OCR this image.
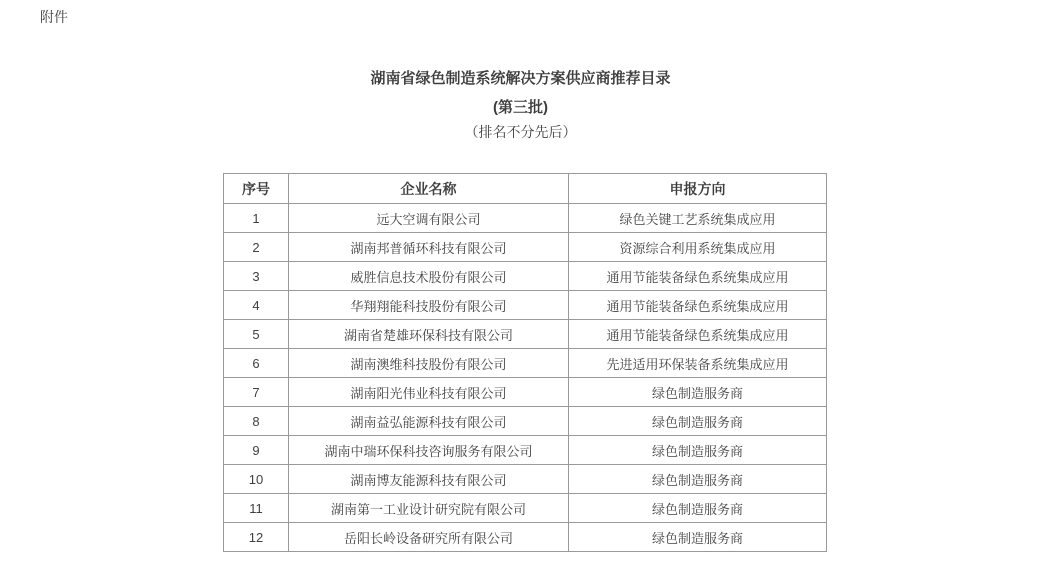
附件
湖南省绿色制造系统解决方案供应商推荐目录
(第三批)
（排名不分先后）
序号	企业名称	申报方向
1	远大空调有限公司	绿色关键工艺系统集成应用
2	湖南邦普循环科技有限公司	资源综合利用系统集成应用
3	威胜信息技术股份有限公司	通用节能装备绿色系统集成应用
4	华翔翔能科技股份有限公司	通用节能装备绿色系统集成应用
5	湖南省楚雄环保科技有限公司	通用节能装备绿色系统集成应用
6	湖南澳维科技股份有限公司	先进适用环保装备系统集成应用
7	湖南阳光伟业科技有限公司	绿色制造服务商
8	湖南益弘能源科技有限公司	绿色制造服务商
9	湖南中瑞环保科技咨询服务有限公司	绿色制造服务商
10	湖南博友能源科技有限公司	绿色制造服务商
11	湖南第一工业设计研究院有限公司	绿色制造服务商
12	岳阳长岭设备研究所有限公司	绿色制造服务商
